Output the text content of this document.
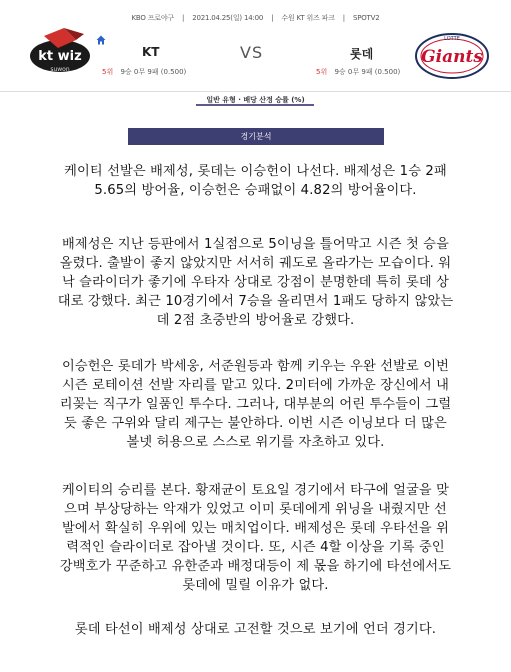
KBO 프로야구 | 2021.04.25(일) 14:00 | 수원 KT 위즈 파크 | SPOTV2
kt wiz
suwon
KT	VS	롯데
5위 9승 0무 9패 (0.500)	5위 9승 0무 9패 (0.500)
LOTTE
Giants
일반 유형 · 배당 산정 승률 (%)
경기분석
케이티 선발은 배제성, 롯데는 이승헌이 나선다. 배제성은 1승 2패
5.65의 방어율, 이승헌은 승패없이 4.82의 방어율이다.
배제성은 지난 등판에서 1실점으로 5이닝을 틀어막고 시즌 첫 승을
올렸다. 출발이 좋지 않았지만 서서히 궤도로 올라가는 모습이다. 워
낙 슬라이더가 좋기에 우타자 상대로 강점이 분명한데 특히 롯데 상
대로 강했다. 최근 10경기에서 7승을 올리면서 1패도 당하지 않았는
데 2점 초중반의 방어율로 강했다.
이승헌은 롯데가 박세웅, 서준원등과 함께 키우는 우완 선발로 이번
시즌 로테이션 선발 자리를 맡고 있다. 2미터에 가까운 장신에서 내
리꽂는 직구가 일품인 투수다. 그러나, 대부분의 어린 투수들이 그럴
듯 좋은 구위와 달리 제구는 불안하다. 이번 시즌 이닝보다 더 많은
볼넷 허용으로 스스로 위기를 자초하고 있다.
케이티의 승리를 본다. 황재균이 토요일 경기에서 타구에 얼굴을 맞
으며 부상당하는 악재가 있었고 이미 롯데에게 위닝을 내줬지만 선
발에서 확실히 우위에 있는 매치업이다. 배제성은 롯데 우타선을 위
력적인 슬라이더로 잡아낼 것이다. 또, 시즌 4할 이상을 기록 중인
강백호가 꾸준하고 유한준과 배정대등이 제 몫을 하기에 타선에서도
롯데에 밀릴 이유가 없다.
롯데 타선이 배제성 상대로 고전할 것으로 보기에 언더 경기다.
